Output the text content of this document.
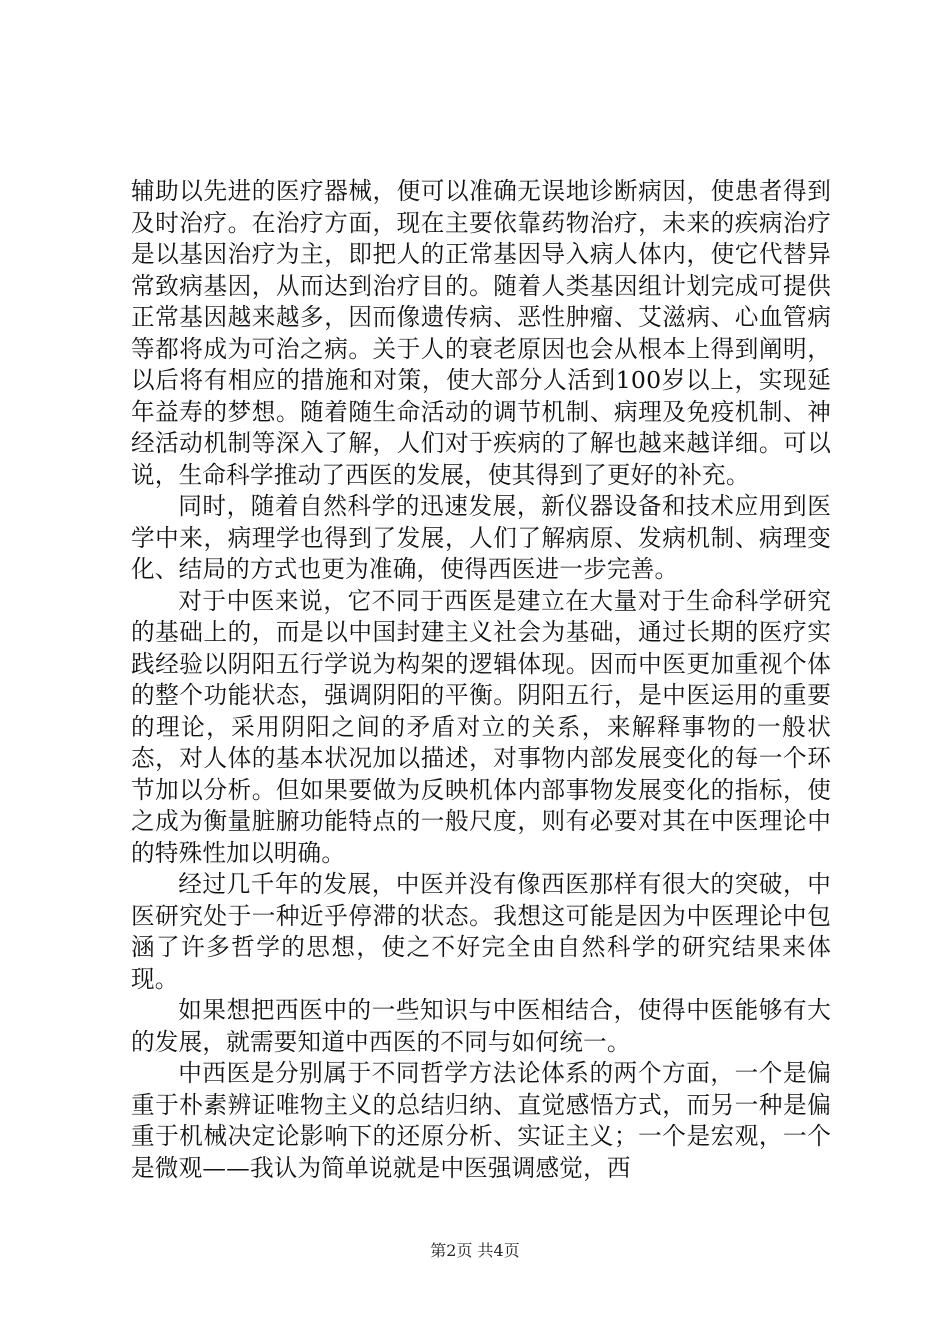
辅助以先进的医疗器械，便可以准确无误地诊断病因，使患者得到及时治疗。在治疗方面，现在主要依靠药物治疗，未来的疾病治疗是以基因治疗为主，即把人的正常基因导入病人体内，使它代替异常致病基因，从而达到治疗目的。随着人类基因组计划完成可提供正常基因越来越多，因而像遗传病、恶性肿瘤、艾滋病、心血管病等都将成为可治之病。关于人的衰老原因也会从根本上得到阐明，以后将有相应的措施和对策，使大部分人活到100岁以上，实现延年益寿的梦想。随着随生命活动的调节机制、病理及免疫机制、神经活动机制等深入了解，人们对于疾病的了解也越来越详细。可以说，生命科学推动了西医的发展，使其得到了更好的补充。

同时，随着自然科学的迅速发展，新仪器设备和技术应用到医学中来，病理学也得到了发展，人们了解病原、发病机制、病理变化、结局的方式也更为准确，使得西医进一步完善。

对于中医来说，它不同于西医是建立在大量对于生命科学研究的基础上的，而是以中国封建主义社会为基础，通过长期的医疗实践经验以阴阳五行学说为构架的逻辑体现。因而中医更加重视个体的整个功能状态，强调阴阳的平衡。阴阳五行，是中医运用的重要的理论，采用阴阳之间的矛盾对立的关系，来解释事物的一般状态，对人体的基本状况加以描述，对事物内部发展变化的每一个环节加以分析。但如果要做为反映机体内部事物发展变化的指标，使之成为衡量脏腑功能特点的一般尺度，则有必要对其在中医理论中的特殊性加以明确。

经过几千年的发展，中医并没有像西医那样有很大的突破，中医研究处于一种近乎停滞的状态。我想这可能是因为中医理论中包涵了许多哲学的思想，使之不好完全由自然科学的研究结果来体现。

如果想把西医中的一些知识与中医相结合，使得中医能够有大的发展，就需要知道中西医的不同与如何统一。

中西医是分别属于不同哲学方法论体系的两个方面，一个是偏重于朴素辨证唯物主义的总结归纳、直觉感悟方式，而另一种是偏重于机械决定论影响下的还原分析、实证主义；一个是宏观，一个是微观——我认为简单说就是中医强调感觉，西

第2页 共4页
